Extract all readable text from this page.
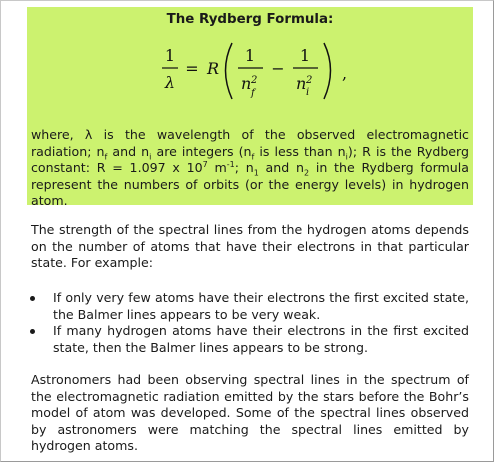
The Rydberg Formula:
1
λ
= R
1
n 2
f
−
1
n 2
i
,
where, λ is the wavelength of the observed electromagnetic radiation; $n_f$ and $n_i$ are integers ($n_f$ is less than $n_i$); R is the Rydberg constant: R = 1.097 x $10^7$ $m^{-1}$; $n_1$ and $n_2$ in the Rydberg formula represent the numbers of orbits (or the energy levels) in hydrogen atom.

The strength of the spectral lines from the hydrogen atoms depends on the number of atoms that have their electrons in that particular state. For example:

If only very few atoms have their electrons the first excited state, the Balmer lines appears to be very weak.
If many hydrogen atoms have their electrons in the first excited state, then the Balmer lines appears to be strong.

Astronomers had been observing spectral lines in the spectrum of the electromagnetic radiation emitted by the stars before the Bohr’s model of atom was developed. Some of the spectral lines observed by astronomers were matching the spectral lines emitted by hydrogen atoms.
